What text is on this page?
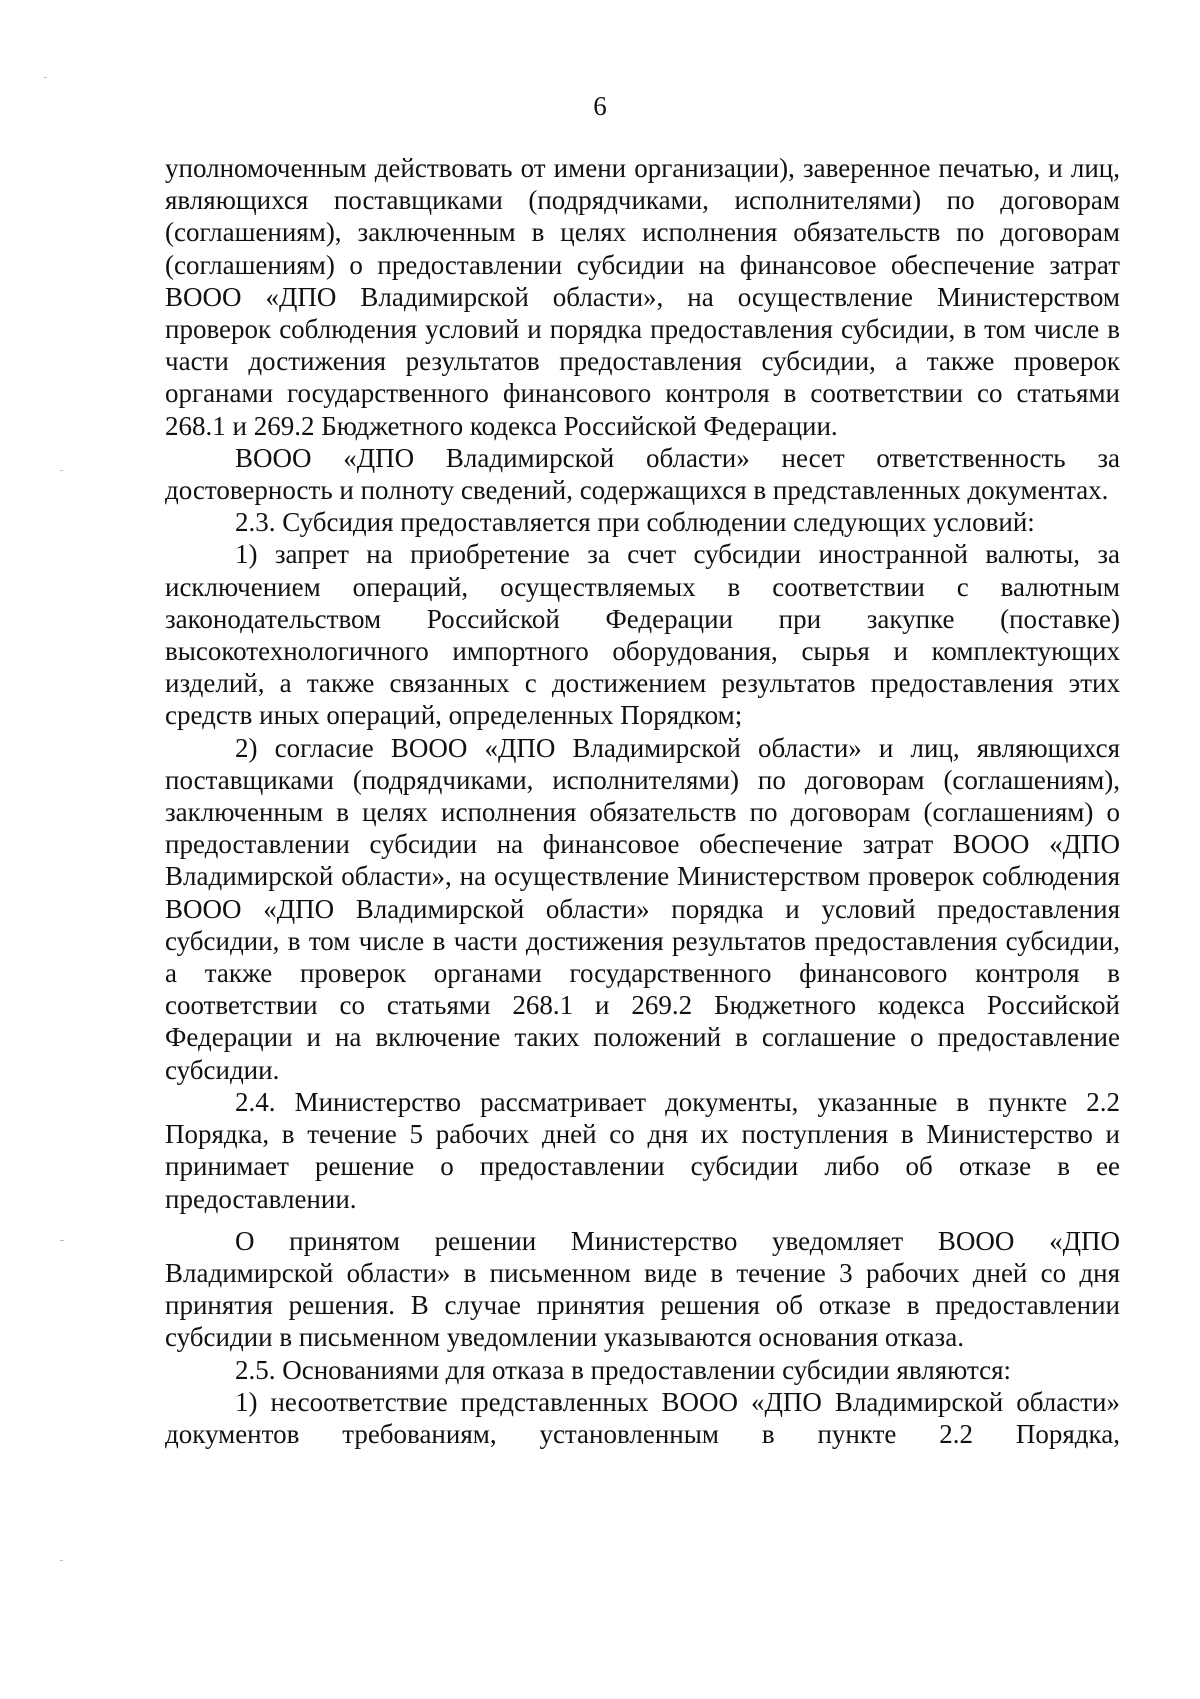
6

уполномоченным действовать от имени организации), заверенное печатью, и лиц, являющихся поставщиками (подрядчиками, исполнителями) по договорам (соглашениям), заключенным в целях исполнения обязательств по договорам (соглашениям) о предоставлении субсидии на финансовое обеспечение затрат ВООО «ДПО Владимирской области», на осуществление Министерством проверок соблюдения условий и порядка предоставления субсидии, в том числе в части достижения результатов предоставления субсидии, а также проверок органами государственного финансового контроля в соответствии со статьями 268.1 и 269.2 Бюджетного кодекса Российской Федерации.

ВООО «ДПО Владимирской области» несет ответственность за достоверность и полноту сведений, содержащихся в представленных документах.

2.3. Субсидия предоставляется при соблюдении следующих условий:

1) запрет на приобретение за счет субсидии иностранной валюты, за исключением операций, осуществляемых в соответствии с валютным законодательством Российской Федерации при закупке (поставке) высокотехнологичного импортного оборудования, сырья и комплектующих изделий, а также связанных с достижением результатов предоставления этих средств иных операций, определенных Порядком;

2) согласие ВООО «ДПО Владимирской области» и лиц, являющихся поставщиками (подрядчиками, исполнителями) по договорам (соглашениям), заключенным в целях исполнения обязательств по договорам (соглашениям) о предоставлении субсидии на финансовое обеспечение затрат ВООО «ДПО Владимирской области», на осуществление Министерством проверок соблюдения ВООО «ДПО Владимирской области» порядка и условий предоставления субсидии, в том числе в части достижения результатов предоставления субсидии, а также проверок органами государственного финансового контроля в соответствии со статьями 268.1 и 269.2 Бюджетного кодекса Российской Федерации и на включение таких положений в соглашение о предоставление субсидии.

2.4. Министерство рассматривает документы, указанные в пункте 2.2 Порядка, в течение 5 рабочих дней со дня их поступления в Министерство и принимает решение о предоставлении субсидии либо об отказе в ее предоставлении.

О принятом решении Министерство уведомляет ВООО «ДПО Владимирской области» в письменном виде в течение 3 рабочих дней со дня принятия решения. В случае принятия решения об отказе в предоставлении субсидии в письменном уведомлении указываются основания отказа.

2.5. Основаниями для отказа в предоставлении субсидии являются:

1) несоответствие представленных ВООО «ДПО Владимирской области» документов требованиям, установленным в пункте 2.2 Порядка,
